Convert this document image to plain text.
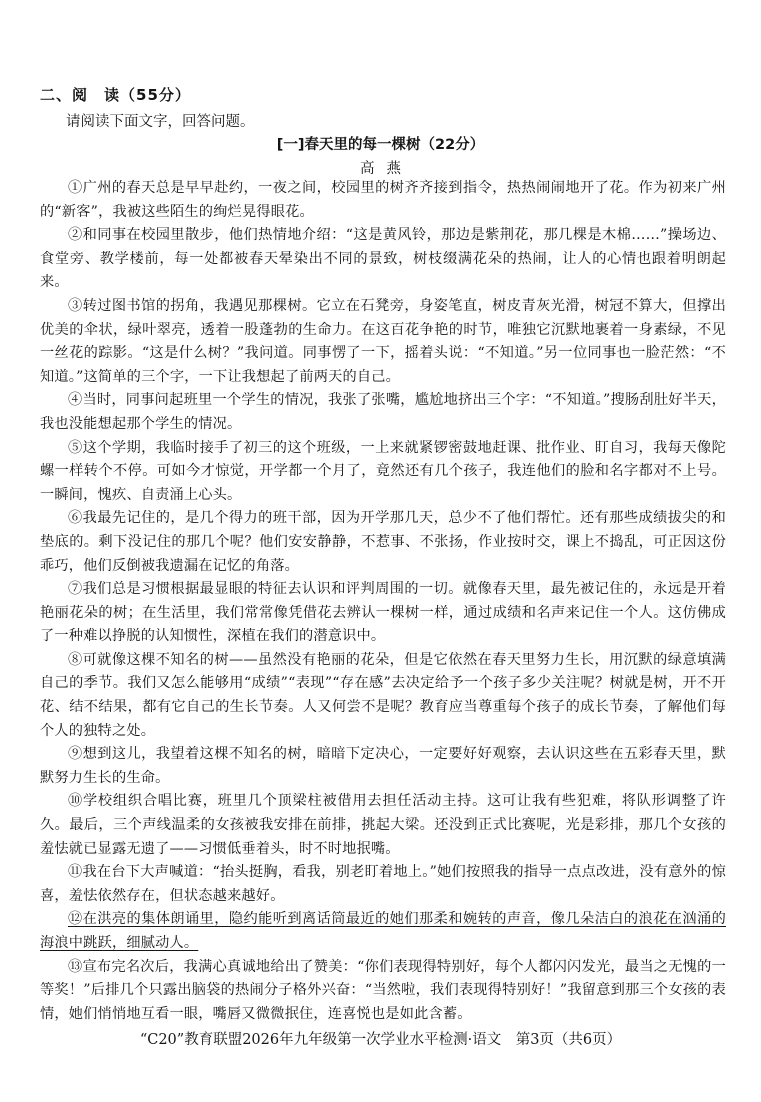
二、阅　读（55分）
请阅读下面文字，回答问题。
[一]春天里的每一棵树（22分）
高燕

①广州的春天总是早早赴约，一夜之间，校园里的树齐齐接到指令，热热闹闹地开了花。作为初来广州的“新客”，我被这些陌生的绚烂晃得眼花。

②和同事在校园里散步，他们热情地介绍：“这是黄风铃，那边是紫荆花，那几棵是木棉……”操场边、食堂旁、教学楼前，每一处都被春天晕染出不同的景致，树枝缀满花朵的热闹，让人的心情也跟着明朗起来。

③转过图书馆的拐角，我遇见那棵树。它立在石凳旁，身姿笔直，树皮青灰光滑，树冠不算大，但撑出优美的伞状，绿叶翠亮，透着一股蓬勃的生命力。在这百花争艳的时节，唯独它沉默地裹着一身素绿，不见一丝花的踪影。“这是什么树？”我问道。同事愣了一下，摇着头说：“不知道。”另一位同事也一脸茫然：“不知道。”这简单的三个字，一下让我想起了前两天的自己。

④当时，同事问起班里一个学生的情况，我张了张嘴，尴尬地挤出三个字：“不知道。”搜肠刮肚好半天，我也没能想起那个学生的情况。

⑤这个学期，我临时接手了初三的这个班级，一上来就紧锣密鼓地赶课、批作业、盯自习，我每天像陀螺一样转个不停。可如今才惊觉，开学都一个月了，竟然还有几个孩子，我连他们的脸和名字都对不上号。一瞬间，愧疚、自责涌上心头。

⑥我最先记住的，是几个得力的班干部，因为开学那几天，总少不了他们帮忙。还有那些成绩拔尖的和垫底的。剩下没记住的那几个呢？他们安安静静，不惹事、不张扬，作业按时交，课上不捣乱，可正因这份乖巧，他们反倒被我遗漏在记忆的角落。

⑦我们总是习惯根据最显眼的特征去认识和评判周围的一切。就像春天里，最先被记住的，永远是开着艳丽花朵的树；在生活里，我们常常像凭借花去辨认一棵树一样，通过成绩和名声来记住一个人。这仿佛成了一种难以挣脱的认知惯性，深植在我们的潜意识中。

⑧可就像这棵不知名的树——虽然没有艳丽的花朵，但是它依然在春天里努力生长，用沉默的绿意填满自己的季节。我们又怎么能够用“成绩”“表现”“存在感”去决定给予一个孩子多少关注呢？树就是树，开不开花、结不结果，都有它自己的生长节奏。人又何尝不是呢？教育应当尊重每个孩子的成长节奏，了解他们每个人的独特之处。

⑨想到这儿，我望着这棵不知名的树，暗暗下定决心，一定要好好观察，去认识这些在五彩春天里，默默努力生长的生命。

⑩学校组织合唱比赛，班里几个顶梁柱被借用去担任活动主持。这可让我有些犯难，将队形调整了许久。最后，三个声线温柔的女孩被我安排在前排，挑起大梁。还没到正式比赛呢，光是彩排，那几个女孩的羞怯就已显露无遗了——习惯低垂着头，时不时地抿嘴。

⑪我在台下大声喊道：“抬头挺胸，看我，别老盯着地上。”她们按照我的指导一点点改进，没有意外的惊喜，羞怯依然存在，但状态越来越好。

⑫在洪亮的集体朗诵里，隐约能听到离话筒最近的她们那柔和婉转的声音，像几朵洁白的浪花在汹涌的海浪中跳跃，细腻动人。

⑬宣布完名次后，我满心真诚地给出了赞美：“你们表现得特别好，每个人都闪闪发光，最当之无愧的一等奖！”后排几个只露出脑袋的热闹分子格外兴奋：“当然啦，我们表现得特别好！”我留意到那三个女孩的表情，她们悄悄地互看一眼，嘴唇又微微抿住，连喜悦也是如此含蓄。

“C20”教育联盟2026年九年级第一次学业水平检测·语文　第3页（共6页）
